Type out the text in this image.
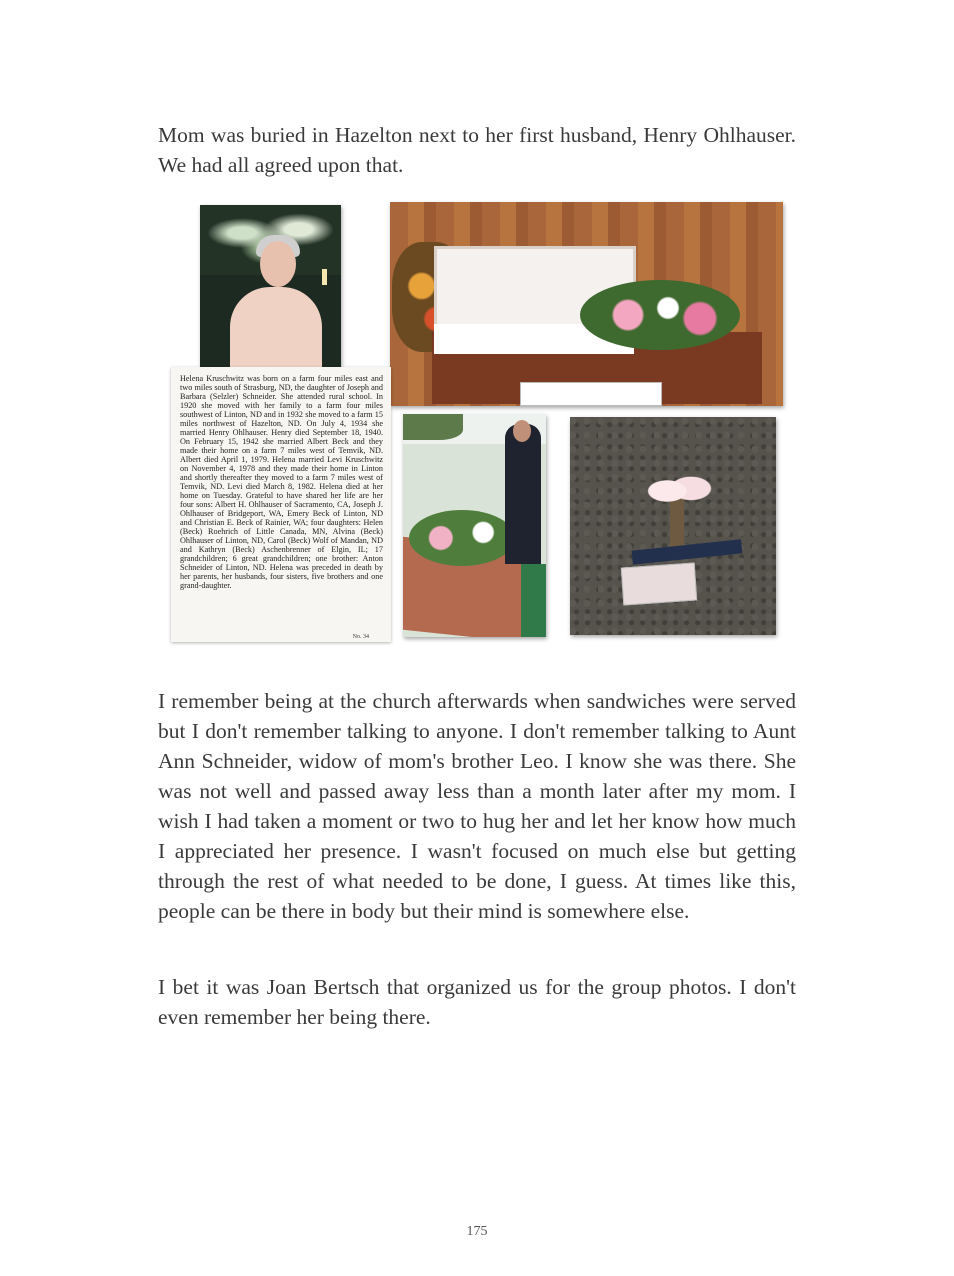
Mom was buried in Hazelton next to her first husband, Henry Ohlhauser. We had all agreed upon that.

Helena Kruschwitz was born on a farm four miles east and two miles south of Strasburg, ND, the daughter of Joseph and Barbara (Selzler) Schneider. She attended rural school. In 1920 she moved with her family to a farm four miles southwest of Linton, ND and in 1932 she moved to a farm 15 miles northwest of Hazelton, ND. On July 4, 1934 she married Henry Ohlhauser. Henry died September 18, 1940. On February 15, 1942 she married Albert Beck and they made their home on a farm 7 miles west of Temvik, ND. Albert died April 1, 1979. Helena married Levi Kruschwitz on November 4, 1978 and they made their home in Linton and shortly thereafter they moved to a farm 7 miles west of Temvik, ND. Levi died March 8, 1982. Helena died at her home on Tuesday. Grateful to have shared her life are her four sons: Albert H. Ohlhauser of Sacramento, CA, Joseph J. Ohlhauser of Bridgeport, WA, Emery Beck of Linton, ND and Christian E. Beck of Rainier, WA; four daughters: Helen (Beck) Roehrich of Little Canada, MN, Alvina (Beck) Ohlhauser of Linton, ND, Carol (Beck) Wolf of Mandan, ND and Kathryn (Beck) Aschenbrenner of Elgin, IL; 17 grandchildren; 6 great grandchildren; one brother: Anton Schneider of Linton, ND. Helena was preceded in death by her parents, her husbands, four sisters, five brothers and one grand-daughter.

No. 34

I remember being at the church afterwards when sandwiches were served but I don't remember talking to anyone. I don't remember talking to Aunt Ann Schneider, widow of mom's brother Leo. I know she was there. She was not well and passed away less than a month later after my mom. I wish I had taken a moment or two to hug her and let her know how much I appreciated her presence. I wasn't focused on much else but getting through the rest of what needed to be done, I guess. At times like this, people can be there in body but their mind is somewhere else.

I bet it was Joan Bertsch that organized us for the group photos. I don't even remember her being there.

175
